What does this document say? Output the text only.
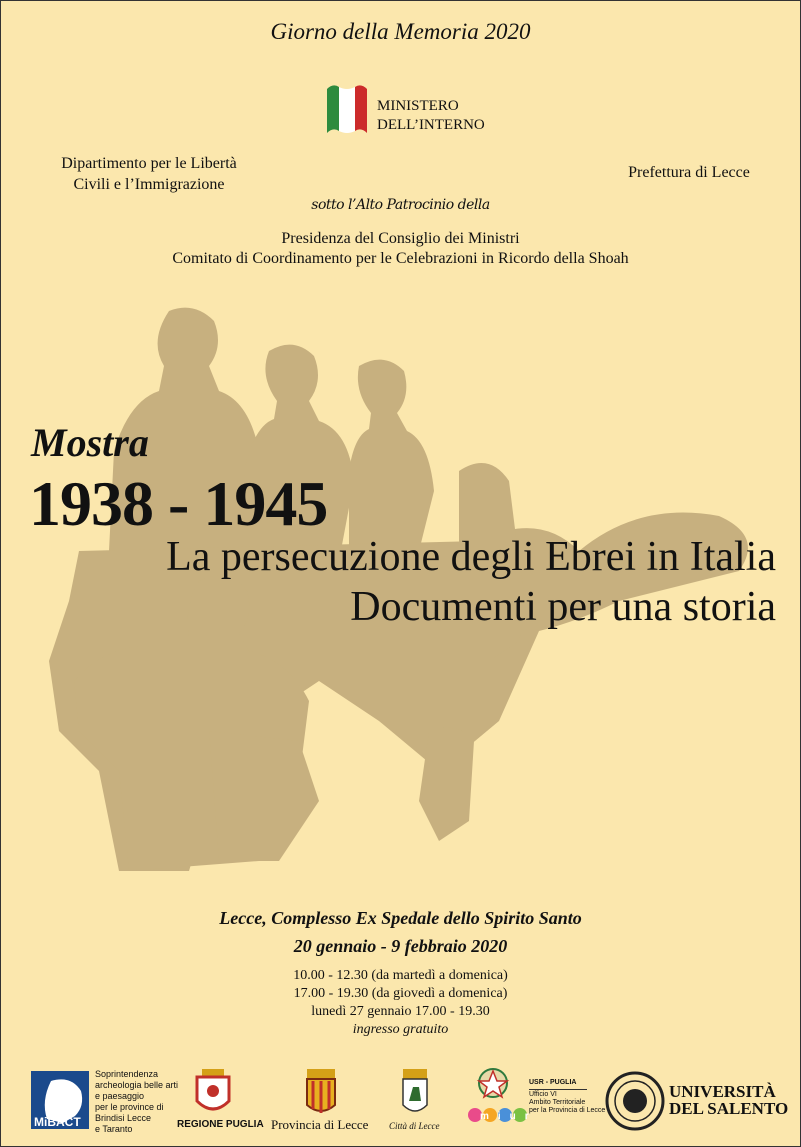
Giorno della Memoria 2020
MINISTERO
DELL’INTERNO
Dipartimento per le Libertà
Civili e l’Immigrazione
Prefettura di Lecce
sotto l’Alto Patrocinio della
Presidenza del Consiglio dei Ministri
Comitato di Coordinamento per le Celebrazioni in Ricordo della Shoah
Mostra
1938 - 1945
La persecuzione degli Ebrei in Italia
Documenti per una storia
Lecce, Complesso Ex Spedale dello Spirito Santo
20 gennaio - 9 febbraio 2020
10.00 - 12.30 (da martedì a domenica)
17.00 - 19.30 (da giovedì a domenica)
lunedì 27 gennaio 17.00 - 19.30
ingresso gratuito
MiBACT
Soprintendenza
archeologia belle arti
e paesaggio
per le province di
Brindisi Lecce
e Taranto	REGIONE PUGLIA Provincia di Lecce Città di Lecce
miur
USR - PUGLIA
Ufficio VI
Ambito Territoriale
per la Provincia di Lecce
UNIVERSITÀ
DEL SALENTO
